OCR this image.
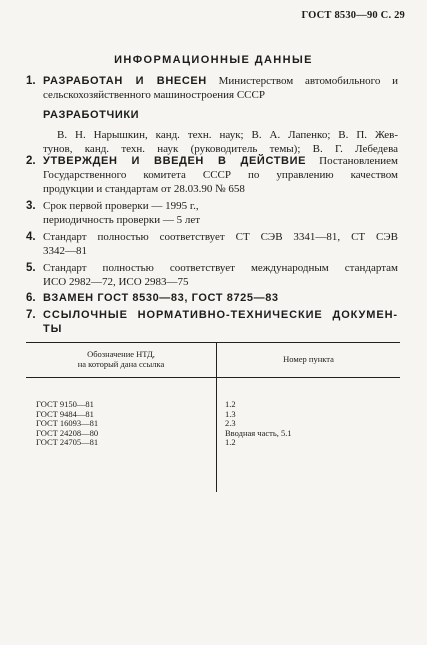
ГОСТ 8530—90 С. 29
ИНФОРМАЦИОННЫЕ ДАННЫЕ
1. РАЗРАБОТАН И ВНЕСЕН Министерством автомобильного и
сельскохозяйственного машиностроения СССР
РАЗРАБОТЧИКИ
В. Н. Нарышкин, канд. техн. наук; В. А. Лапенко; В. П. Жев-
тунов, канд. техн. наук (руководитель темы); В. Г. Лебедева
2. УТВЕРЖДЕН И ВВЕДЕН В ДЕЙСТВИЕ Постановлением
Государственного комитета СССР по управлению качеством
продукции и стандартам от 28.03.90 № 658
3. Срок первой проверки — 1995 г.,
периодичность проверки — 5 лет
4. Стандарт полностью соответствует СТ СЭВ 3341—81, СТ СЭВ
3342—81
5. Стандарт полностью соответствует международным стандартам
ИСО 2982—72, ИСО 2983—75
6. ВЗАМЕН ГОСТ 8530—83, ГОСТ 8725—83
7. ССЫЛОЧНЫЕ НОРМАТИВНО-ТЕХНИЧЕСКИЕ ДОКУМЕН-
ТЫ
Обозначение НТД,
на который дана ссылка	Номер пункта

ГОСТ 9150—81	1.2
ГОСТ 9484—81	1.3
ГОСТ 16093—81	2.3
ГОСТ 24208—80	Вводная часть, 5.1
ГОСТ 24705—81	1.2
